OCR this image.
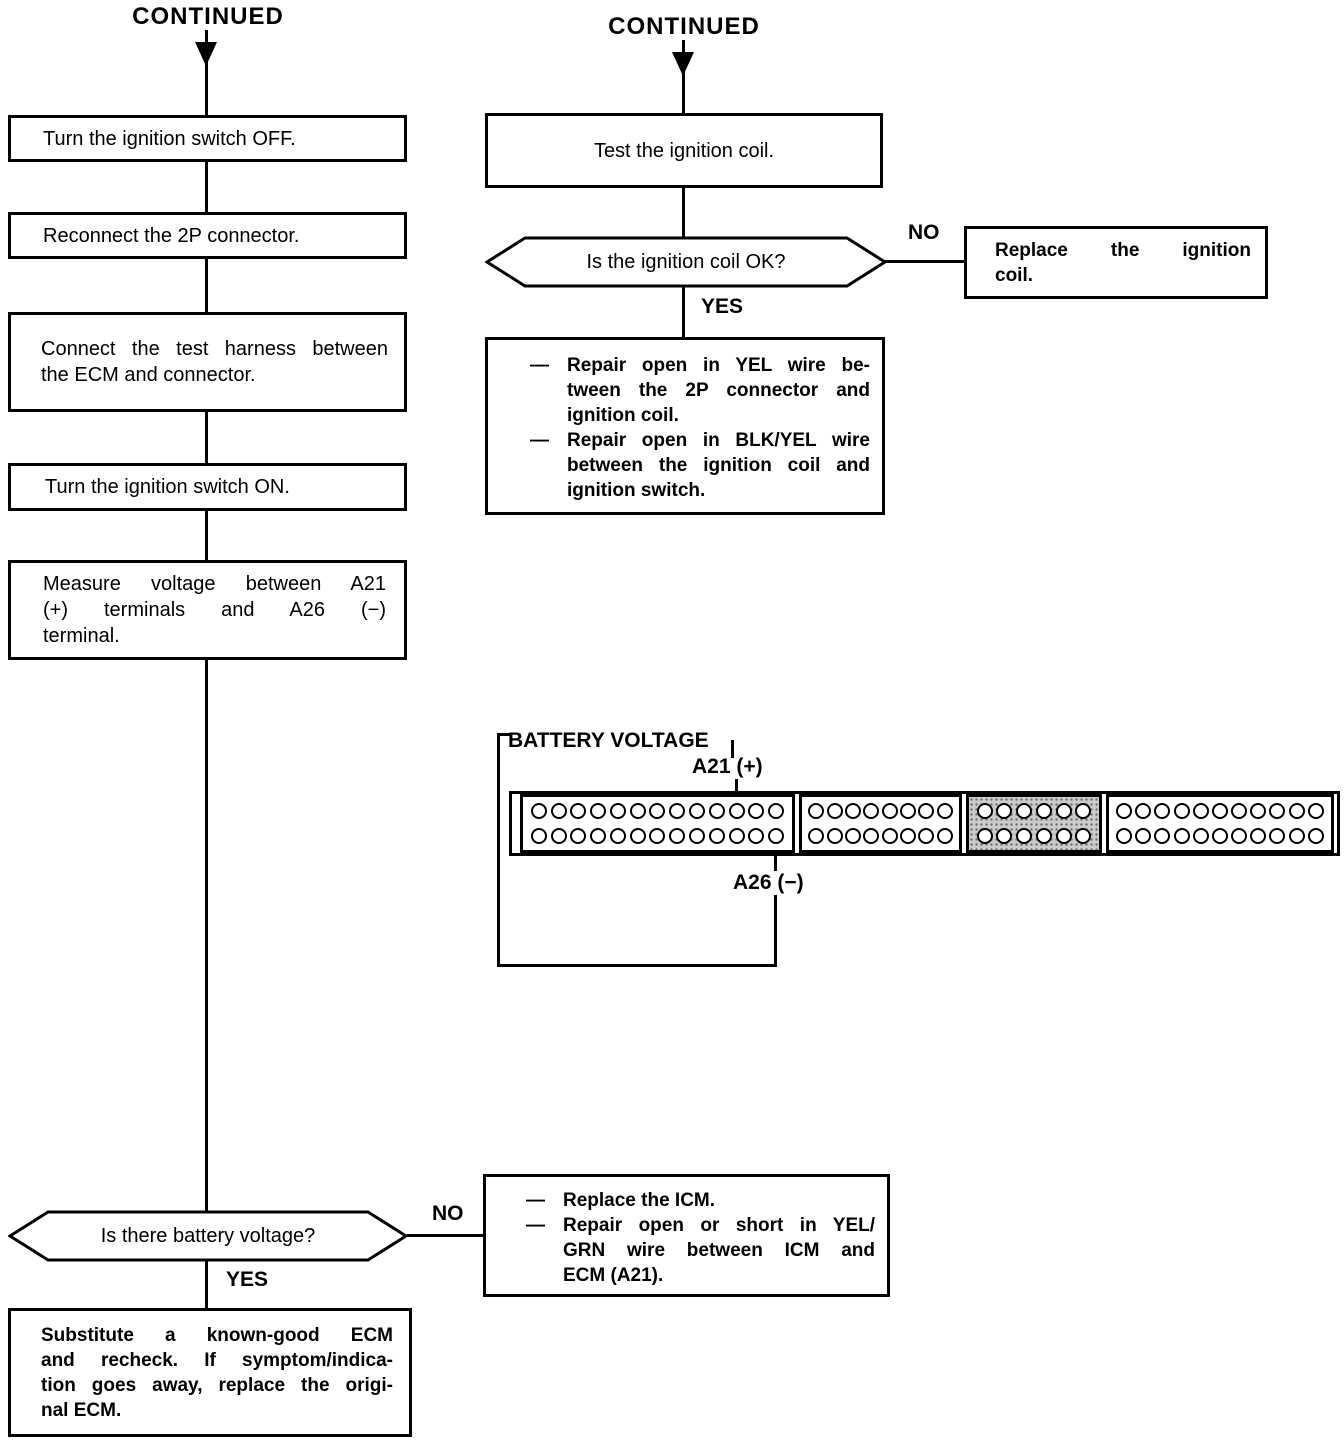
CONTINUED	CONTINUED
Turn the ignition switch OFF.
Reconnect the 2P connector.
Connect the test harness between
the ECM and connector.
Turn the ignition switch ON.
Measure voltage between A21
(+) terminals and A26 (−)
terminal.
Is there battery voltage?
NO
YES
— Replace the ICM.
— Repair open or short in YEL/
GRN wire between ICM and
ECM (A21).
Substitute a known-good ECM
and recheck. If symptom/indica-
tion goes away, replace the origi-
nal ECM.
Test the ignition coil.
Is the ignition coil OK?
NO
YES
Replace the ignition
coil.
— Repair open in YEL wire be-
tween the 2P connector and
ignition coil.
— Repair open in BLK/YEL wire
between the ignition coil and
ignition switch.
BATTERY VOLTAGE
A21 (+)
A26 (−)
